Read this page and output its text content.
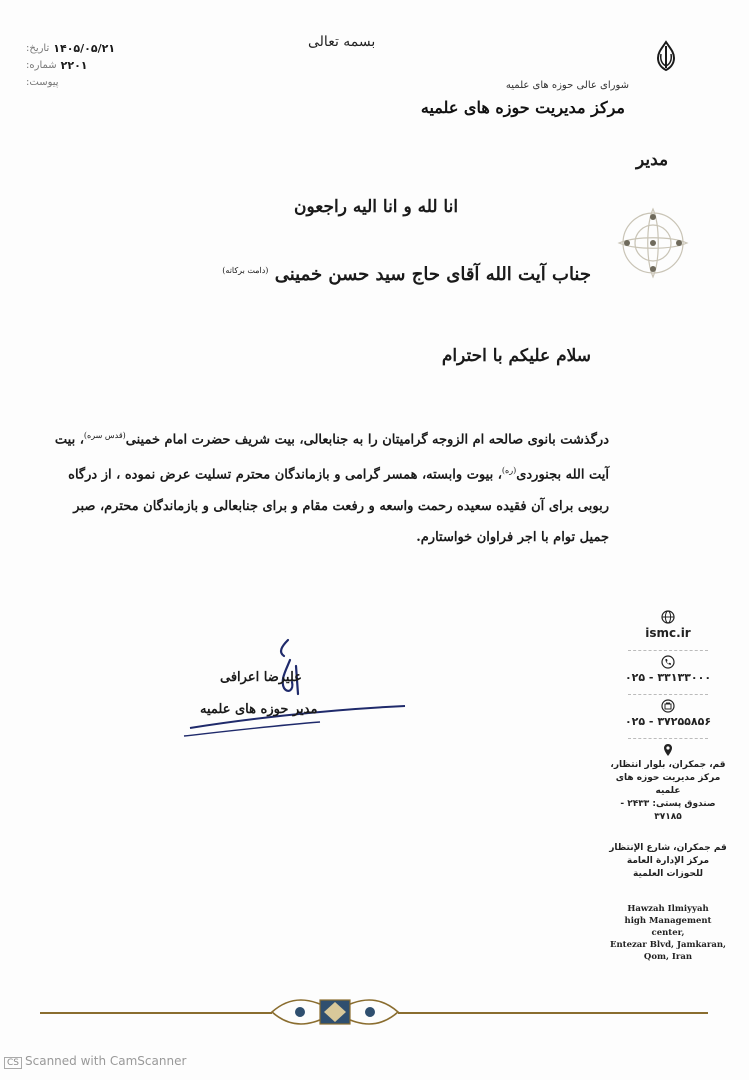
شورای عالی حوزه های علمیه
مرکز مدیریت حوزه های علمیه
مدیر
بسمه تعالی
تاریخ: ۱۴۰۵/۰۵/۲۱
شماره: ۲۲۰۱
پیوست:
انا لله و انا الیه راجعون
جناب آیت الله آقای حاج سید حسن خمینی $^{(دامت برکاته)}$
سلام علیکم با احترام

درگذشت بانوی صالحه ام الزوجه گرامیتان را به جنابعالی، بیت شریف حضرت امام خمینی$^{(قدس سره)}$، بیت آیت الله بجنوردی$^{(ره)}$، بیوت وابسته، همسر گرامی و بازماندگان محترم تسلیت عرض نموده ، از درگاه ربوبی برای آن فقیده سعیده رحمت واسعه و رفعت مقام و برای جنابعالی و بازماندگان محترم، صبر جمیل توام با اجر فراوان خواستارم.

علیرضا اعرافی
مدیر حوزه های علمیه
ismc.ir
۰۲۵ - ۳۳۱۳۳۰۰۰
۰۲۵ - ۳۷۲۵۵۸۵۶
قم، جمکران، بلوار انتظار،
مرکز مدیریت حوزه های علمیه
صندوق پستی: ۲۴۳۳ - ۳۷۱۸۵
قم جمكران، شارع الإنتظار
مركز الإدارة العامة
للحوزات العلمية
Hawzah Ilmiyyah
high Management center,
Entezar Blvd, Jamkaran,
Qom, Iran
CS Scanned with CamScanner
